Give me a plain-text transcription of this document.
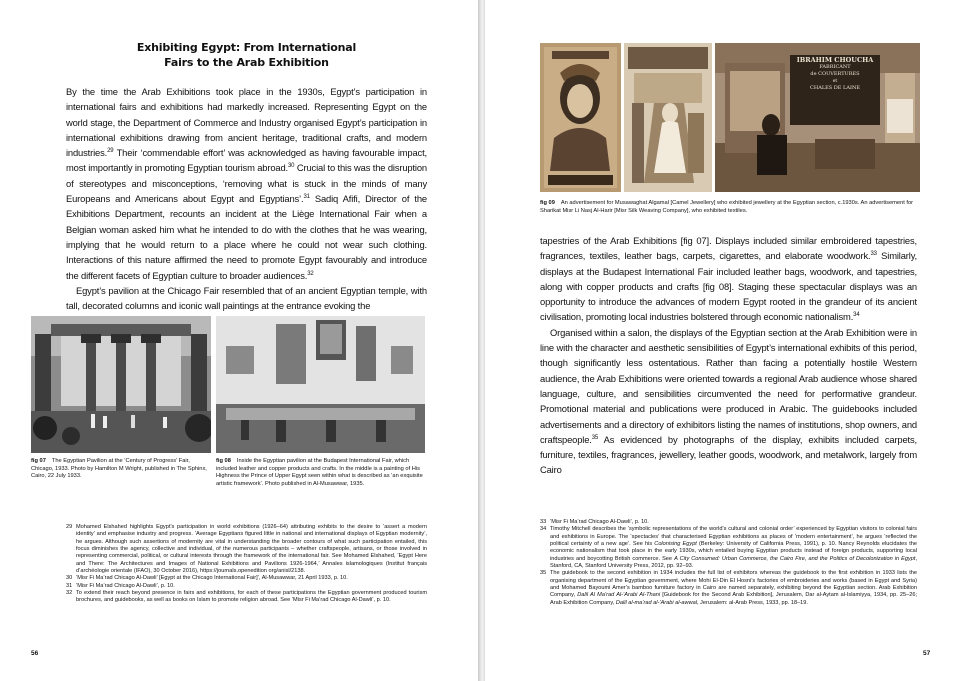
Exhibiting Egypt: From International
Fairs to the Arab Exhibition

By the time the Arab Exhibitions took place in the 1930s, Egypt’s participation in international fairs and exhibitions had markedly increased. Representing Egypt on the world stage, the Department of Commerce and Industry organised Egypt’s participation in international exhibitions drawing from ancient heritage, traditional crafts, and modern industries.$^{29}$ Their ‘commendable effort’ was acknowledged as having favourable impact, most importantly in promoting Egyptian tourism abroad.$^{30}$ Crucial to this was the disruption of stereotypes and misconceptions, ‘removing what is stuck in the minds of many Europeans and Americans about Egypt and Egyptians’.$^{31}$ Sadiq Afifi, Director of the Exhibitions Department, recounts an incident at the Liège International Fair when a Belgian woman asked him what he intended to do with the clothes that he was wearing, implying that he would return to a place where he could not wear such clothing. Interactions of this nature affirmed the need to promote Egypt favourably and introduce the different facets of Egyptian culture to broader audiences.$^{32}$

Egypt’s pavilion at the Chicago Fair resembled that of an ancient Egyptian temple, with tall, decorated columns and iconic wall paintings at the entrance evoking the

fig 07 The Egyptian Pavilion at the ‘Century of Progress’ Fair, Chicago, 1933. Photo by Hamilton M Wright, published in The Sphinx, Cairo, 22 July 1933.
fig 08 Inside the Egyptian pavilion at the Budapest International Fair, which included leather and copper products and crafts. In the middle is a painting of His Highness the Prince of Upper Egypt seen within what is described as ‘an exquisite artistic framework’. Photo published in Al-Musawwar, 1935.
29 Mohamed Elshahed highlights Egypt’s participation in world exhibitions (1926–64) attributing exhibits to the desire to ‘assert a modern identity’ and emphasise industry and progress. ‘Average Egyptians figured little in national and international displays of Egyptian modernity’, he argues. Although such assertions of modernity are vital in understanding the broader contours of what such participation entailed, this focus diminishes the agency, collective and individual, of the numerous participants – whether craftspeople, artisans, or those involved in representing commercial, political, or cultural interests through the framework of the international fair. See Mohamed Elshahed, ‘Egypt Here and There: The Architectures and Images of National Exhibitions and Pavilions 1926-1964,’ Annales islamologiques (Institut français d’archéologie orientale (IFAO), 30 October 2016), https://journals.openedition org/anisl/2138.
30 ‘Misr Fi Ma’rad Chicago Al-Dawli’ [Egypt at the Chicago International Fair]’, Al-Musawwar, 21 April 1933, p. 10.
31 ‘Misr Fi Ma’rad Chicago Al-Dawli’, p. 10.
32 To extend their reach beyond presence in fairs and exhibitions, for each of these participations the Egyptian government produced tourism brochures, and guidebooks, as well as books on Islam to promote religion abroad. See ‘Misr Fi Ma’rad Chicago Al-Dawli’, p. 10.
56
IBRAHIM CHOUCHA
FABRICANT
de COUVERTURES
et
CHALES DE LAINE
fig 09 An advertisement for Musawaghat Algamal [Camel Jewellery] who exhibited jewellery at the Egyptian section, c.1930s. An advertisement for Sharikat Misr Li Nasj Al-Harir [Misr Silk Weaving Company], who exhibited textiles.

tapestries of the Arab Exhibitions [fig 07]. Displays included similar embroidered tapestries, fragrances, textiles, leather bags, carpets, cigarettes, and elaborate woodwork.$^{33}$ Similarly, displays at the Budapest International Fair included leather bags, woodwork, and tapestries, along with copper products and crafts [fig 08]. Staging these spectacular displays was an opportunity to introduce the advances of modern Egypt rooted in the grandeur of its ancient civilisation, promoting local industries bolstered through economic nationalism.$^{34}$

Organised within a salon, the displays of the Egyptian section at the Arab Exhibition were in line with the character and aesthetic sensibilities of Egypt’s international exhibits of this period, though significantly less ostentatious. Rather than facing a potentially hostile Western audience, the Arab Exhibitions were oriented towards a regional Arab audience whose shared language, culture, and sensibilities circumvented the need for performative grandeur. Promotional material and publications were produced in Arabic. The guidebooks included advertisements and a directory of exhibitors listing the names of institutions, shop owners, and craftspeople.$^{35}$ As evidenced by photographs of the display, exhibits included carpets, furniture, textiles, fragrances, jewellery, leather goods, woodwork, and metalwork, largely from Cairo

33 ‘Misr Fi Ma’rad Chicago Al-Dawli’, p. 10.
34 Timothy Mitchell describes the ‘symbolic representations of the world’s cultural and colonial order’ experienced by Egyptian visitors to colonial fairs and exhibitions in Europe. The ‘spectacles’ that characterised Egyptian exhibitions as places of ‘modern entertainment’, he argues ‘reflected the political certainty of a new age’. See his Colonising Egypt (Berkeley: University of California Press, 1991), p. 10. Nancy Reynolds elucidates the economic nationalism that took place in the early 1930s, which entailed buying Egyptian products instead of foreign products, supporting local industries and boycotting British commerce. See A City Consumed: Urban Commerce, the Cairo Fire, and the Politics of Decolonization in Egypt, Stanford, CA, Stanford University Press, 2012, pp. 92–93.
35 The guidebook to the second exhibition in 1934 includes the full list of exhibitors whereas the guidebook to the first exhibition in 1933 lists the organising department of the Egyptian government, where Mohi El-Din El Hosni’s factories of embroideries and works (based in Egypt and Syria) and Mohamed Bayoumi Amer’s bamboo furniture factory in Cairo are named separately, exhibiting beyond the Egyptian section. Arab Exhibition Company, Dalil Al Ma’rad Al-’Arabi Al-Thani [Guidebook for the Second Arab Exhibition], Jerusalem, Dar al-Aytam al-Islamiyya, 1934, pp. 25–26; Arab Exhibition Company, Dalil al-ma’rad al-’Arabi al-awwal, Jerusalem: al-Arab Press, 1933, pp. 18–19.
57
